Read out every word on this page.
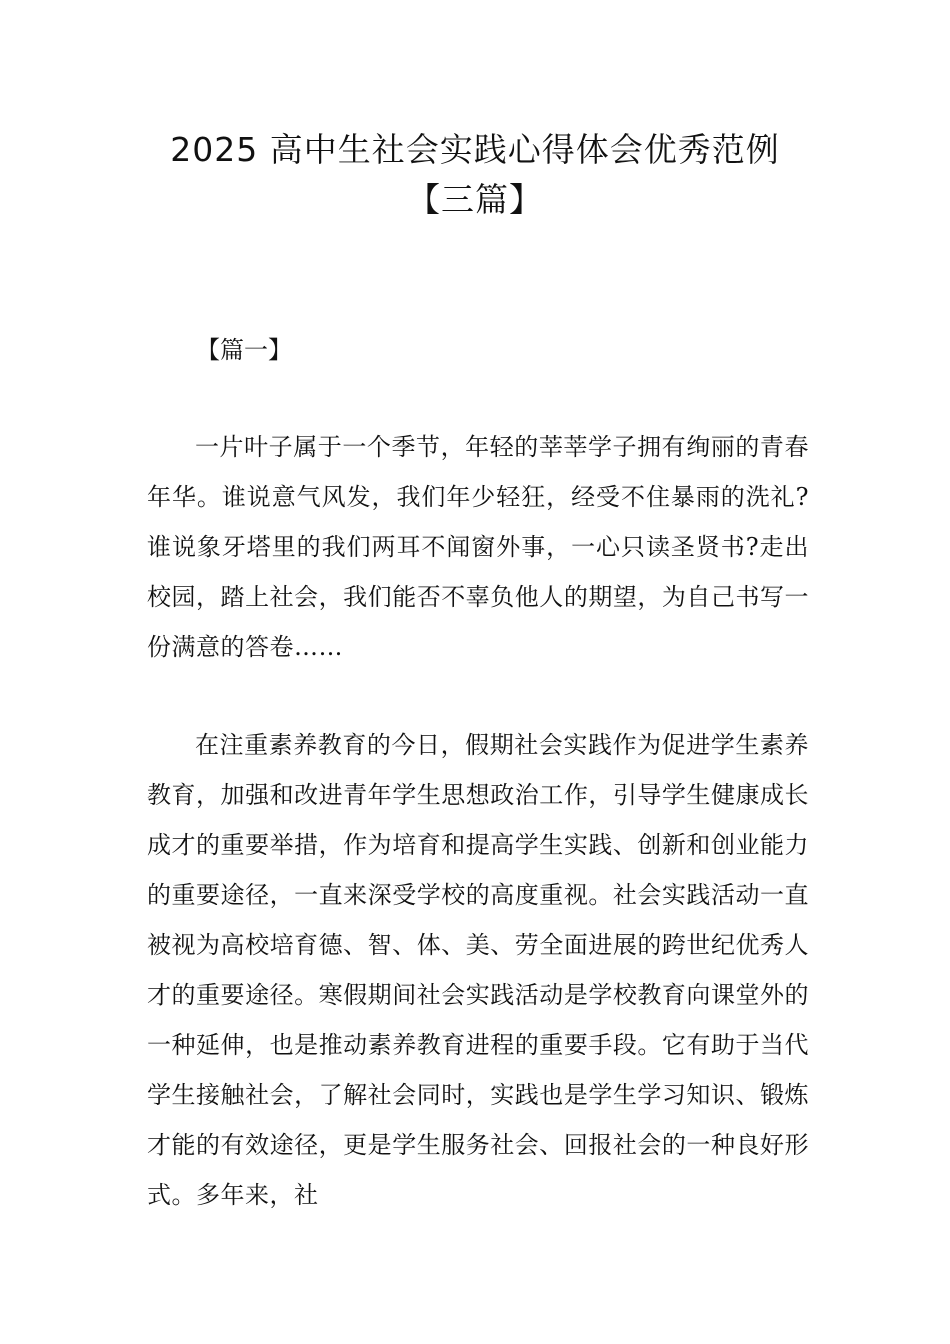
2025 高中生社会实践心得体会优秀范例
【三篇】
【篇一】

一片叶子属于一个季节，年轻的莘莘学子拥有绚丽的青春年华。谁说意气风发，我们年少轻狂，经受不住暴雨的洗礼?谁说象牙塔里的我们两耳不闻窗外事，一心只读圣贤书?走出校园，踏上社会，我们能否不辜负他人的期望，为自己书写一份满意的答卷……

在注重素养教育的今日，假期社会实践作为促进学生素养教育，加强和改进青年学生思想政治工作，引导学生健康成长成才的重要举措，作为培育和提高学生实践、创新和创业能力的重要途径，一直来深受学校的高度重视。社会实践活动一直被视为高校培育德、智、体、美、劳全面进展的跨世纪优秀人才的重要途径。寒假期间社会实践活动是学校教育向课堂外的一种延伸，也是推动素养教育进程的重要手段。它有助于当代学生接触社会，了解社会同时，实践也是学生学习知识、锻炼才能的有效途径，更是学生服务社会、回报社会的一种良好形式。多年来，社
